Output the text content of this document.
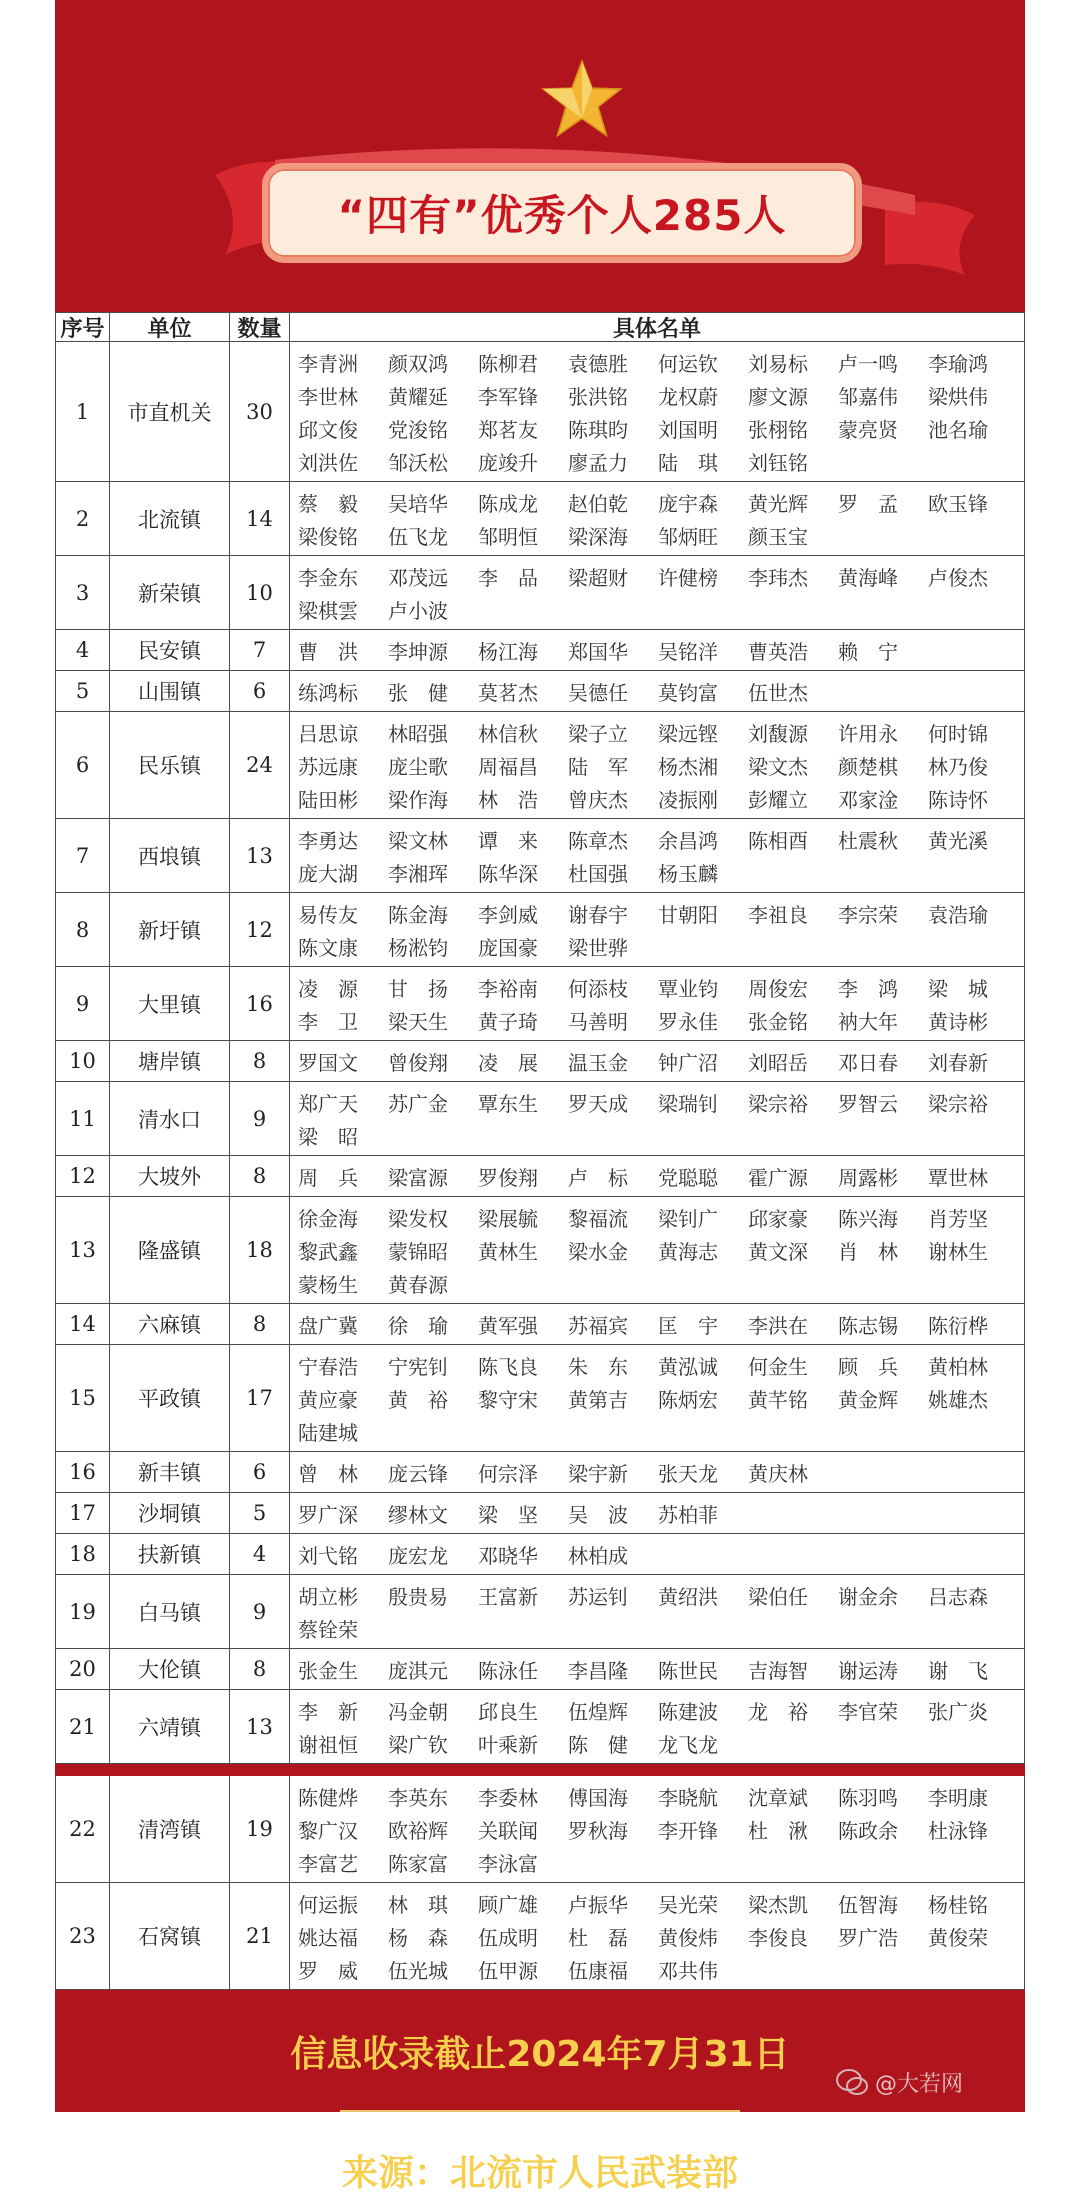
“四有”优秀个人285人
序号	单位	数量	具体名单
1	市直机关	30
李青洲	颜双鸿	陈柳君	袁德胜	何运钦	刘易标	卢一鸣	李瑜鸿
李世林	黄耀延	李军锋	张洪铭	龙权蔚	廖文源	邹嘉伟	梁烘伟
邱文俊	党浚铭	郑茗友	陈琪昀	刘国明	张栩铭	蒙亮贤	池名瑜
刘洪佐	邹沃松	庞竣升	廖孟力	陆　琪	刘钰铭
2	北流镇	14
蔡　毅	吴培华	陈成龙	赵伯乾	庞宇森	黄光辉	罗　孟	欧玉锋
梁俊铭	伍飞龙	邹明恒	梁深海	邹炳旺	颜玉宝
3	新荣镇	10
李金东	邓茂远	李　品	梁超财	许健榜	李玮杰	黄海峰	卢俊杰
梁棋雲	卢小波
4	民安镇	7	曹　洪	李坤源	杨江海	郑国华	吴铭洋	曹英浩	赖　宁
5	山围镇	6	练鸿标	张　健	莫茗杰	吴德任	莫钧富	伍世杰
6	民乐镇	24
吕思谅	林昭强	林信秋	梁子立	梁远铿	刘馥源	许用永	何时锦
苏远康	庞尘歌	周福昌	陆　军	杨杰湘	梁文杰	颜楚棋	林乃俊
陆田彬	梁作海	林　浩	曾庆杰	凌振刚	彭耀立	邓家淦	陈诗怀
7	西埌镇	13
李勇达	梁文林	谭　来	陈章杰	余昌鸿	陈相酉	杜震秋	黄光溪
庞大湖	李湘珲	陈华深	杜国强	杨玉麟
8	新圩镇	12
易传友	陈金海	李剑威	谢春宇	甘朝阳	李祖良	李宗荣	袁浩瑜
陈文康	杨淞钧	庞国豪	梁世骅
9	大里镇	16
凌　源	甘　扬	李裕南	何添枝	覃业钧	周俊宏	李　鸿	梁　城
李　卫	梁天生	黄子琦	马善明	罗永佳	张金铭	衲大年	黄诗彬
10	塘岸镇	8	罗国文	曾俊翔	凌　展	温玉金	钟广沼	刘昭岳	邓日春	刘春新
11	清水口	9
郑广天	苏广金	覃东生	罗天成	梁瑞钊	梁宗裕	罗智云	梁宗裕
梁　昭
12	大坡外	8	周　兵	梁富源	罗俊翔	卢　标	党聪聪	霍广源	周露彬	覃世林
13	隆盛镇	18
徐金海	梁发权	梁展毓	黎福流	梁钊广	邱家豪	陈兴海	肖芳坚
黎武鑫	蒙锦昭	黄林生	梁水金	黄海志	黄文深	肖　林	谢林生
蒙杨生	黄春源
14	六麻镇	8	盘广冀	徐　瑜	黄军强	苏福宾	匡　宇	李洪在	陈志锡	陈衍桦
15	平政镇	17
宁春浩	宁宪钊	陈飞良	朱　东	黄泓诚	何金生	顾　兵	黄柏林
黄应豪	黄　裕	黎守宋	黄第吉	陈炳宏	黄芊铭	黄金辉	姚雄杰
陆建城
16	新丰镇	6	曾　林	庞云锋	何宗泽	梁宇新	张天龙	黄庆林
17	沙垌镇	5	罗广深	缪林文	梁　坚	吴　波	苏柏菲
18	扶新镇	4	刘弋铭	庞宏龙	邓晓华	林柏成
19	白马镇	9
胡立彬	殷贵易	王富新	苏运钊	黄绍洪	梁伯任	谢金余	吕志森
蔡铨荣
20	大伦镇	8	张金生	庞淇元	陈泳任	李昌隆	陈世民	吉海智	谢运涛	谢　飞
21	六靖镇	13
李　新	冯金朝	邱良生	伍煌辉	陈建波	龙　裕	李官荣	张广炎
谢祖恒	梁广钦	叶乘新	陈　健	龙飞龙
22	清湾镇	19
陈健烨	李英东	李委林	傅国海	李晓航	沈章斌	陈羽鸣	李明康
黎广汉	欧裕辉	关联闻	罗秋海	李开锋	杜　湫	陈政余	杜泳锋
李富艺	陈家富	李泳富
23	石窝镇	21
何运振	林　琪	顾广雄	卢振华	吴光荣	梁杰凯	伍智海	杨桂铭
姚达福	杨　森	伍成明	杜　磊	黄俊炜	李俊良	罗广浩	黄俊荣
罗　威	伍光城	伍甲源	伍康福	邓共伟
信息收录截止2024年7月31日
来源：北流市人民武装部
@大若网
